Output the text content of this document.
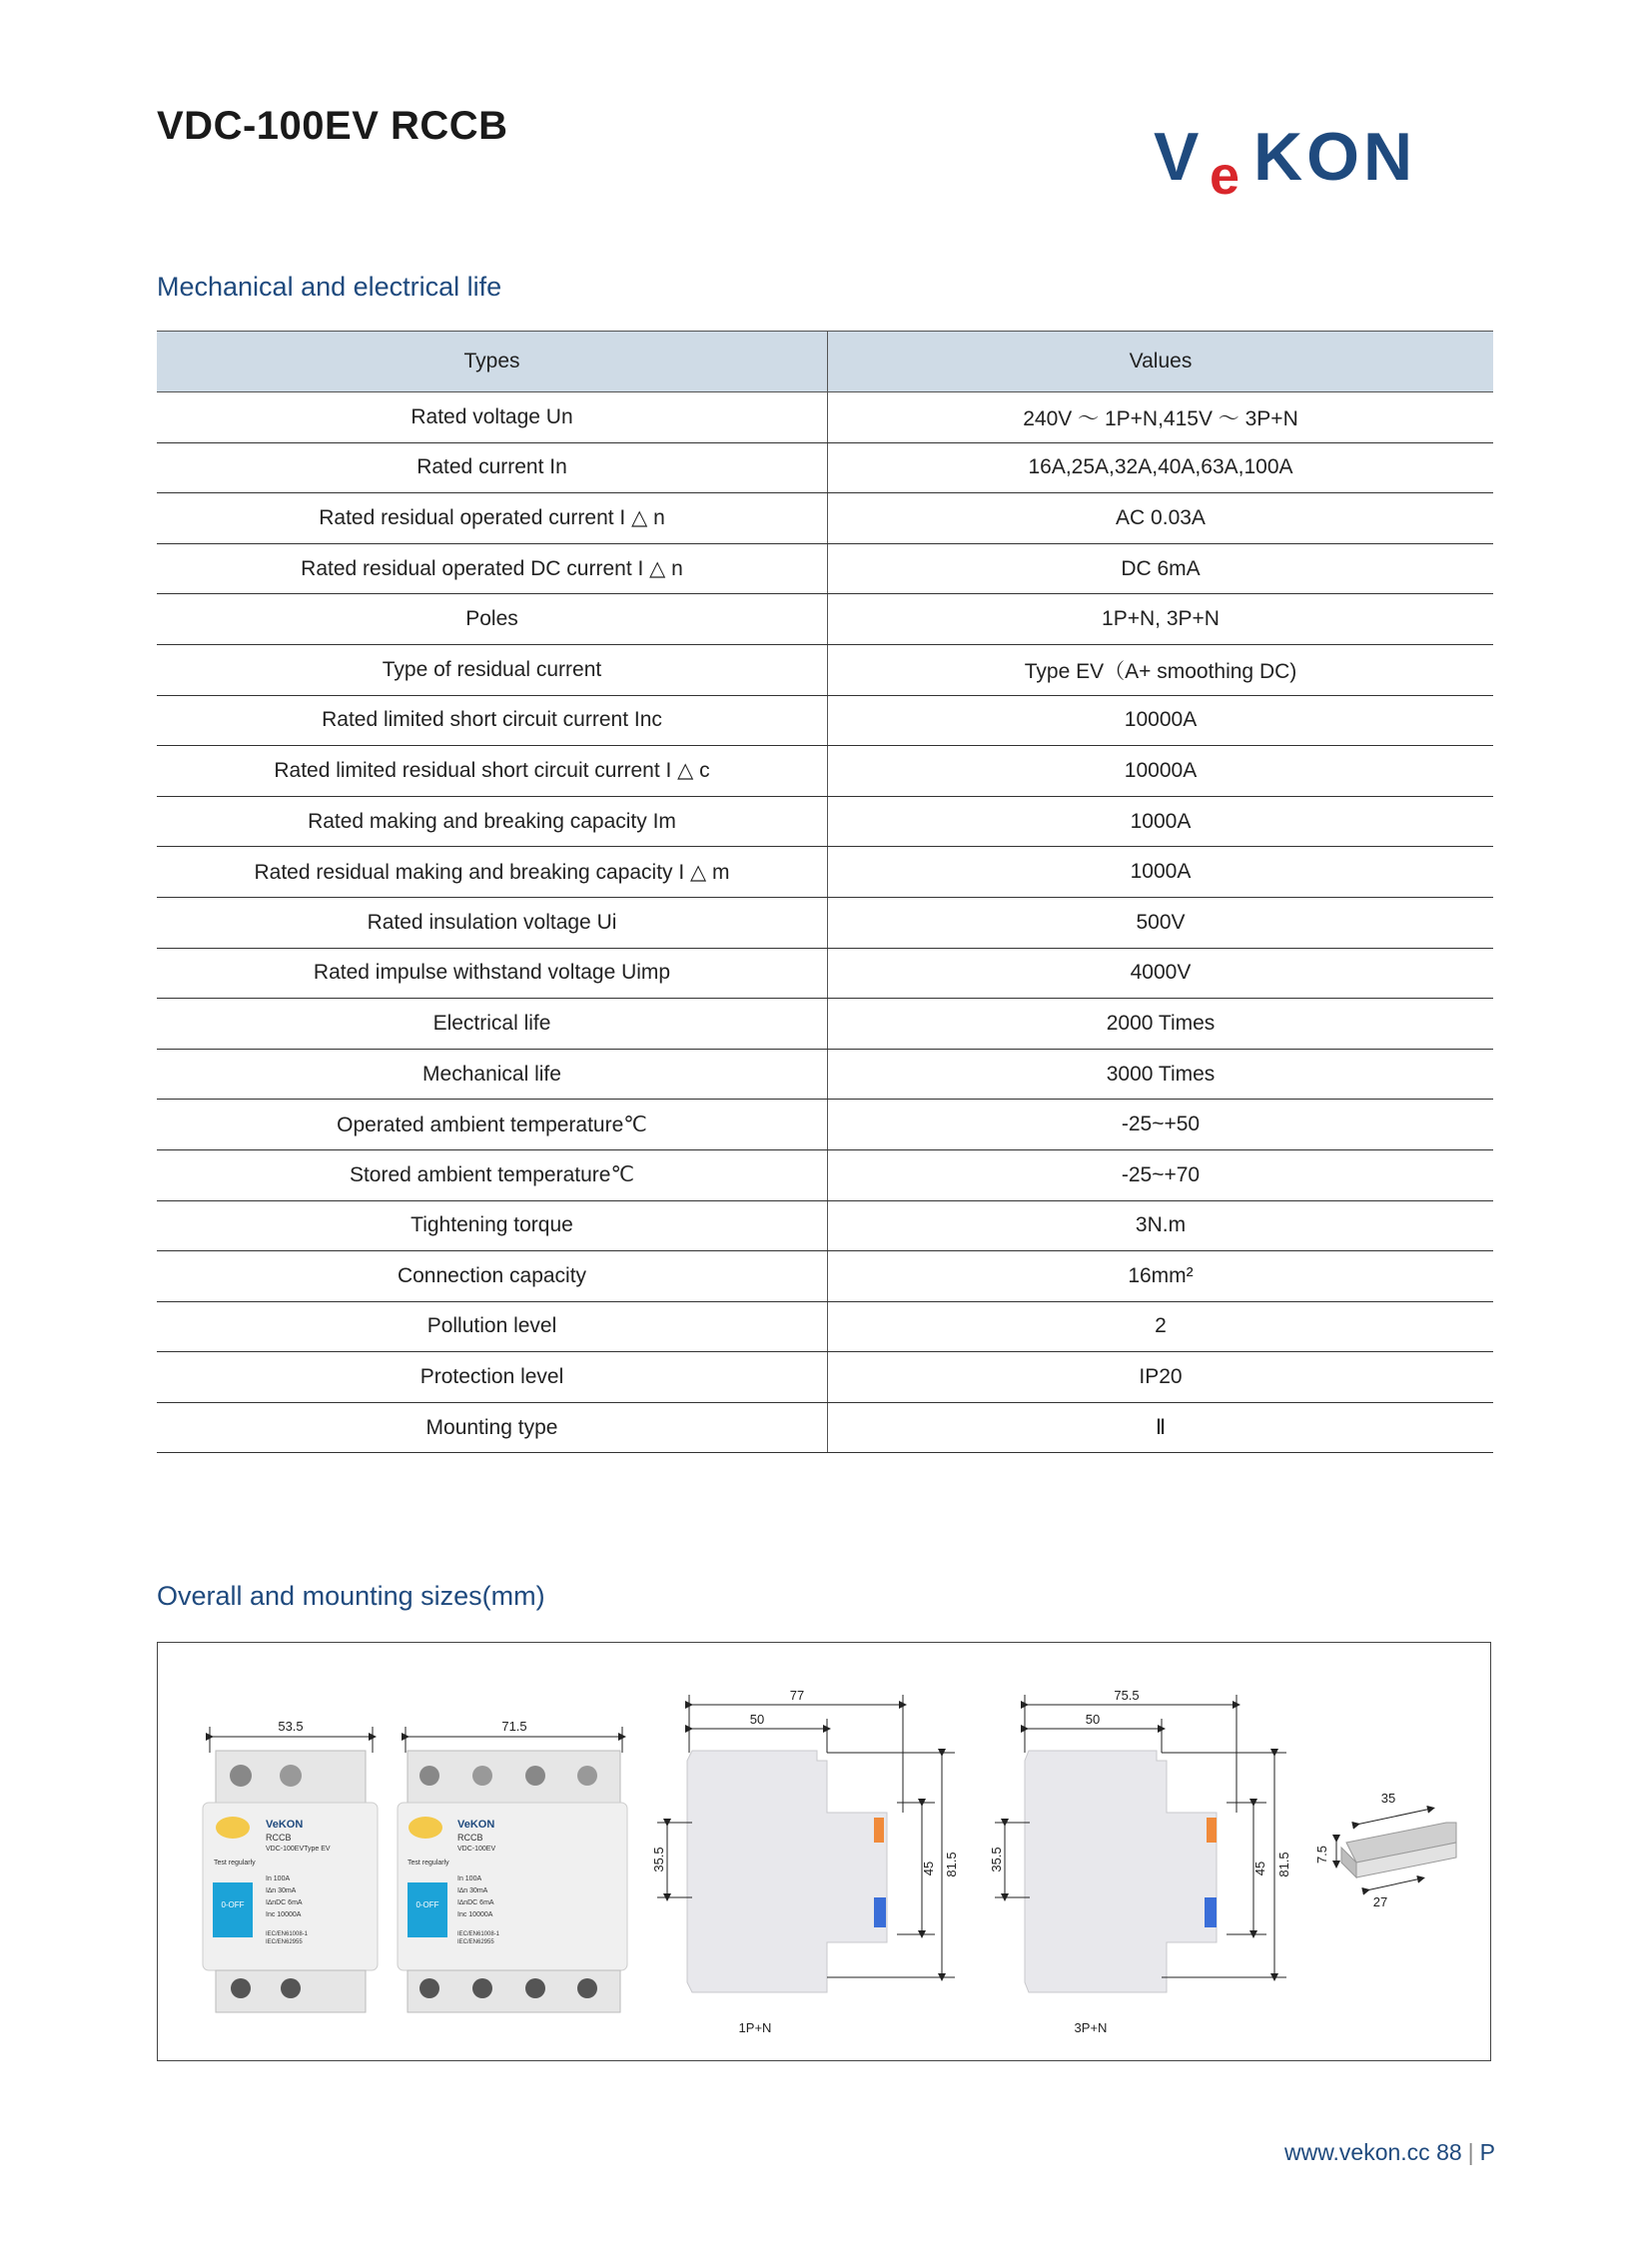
VDC-100EV RCCB	V e KON
Mechanical and electrical life
Types	Values
Rated voltage Un	240V ～ 1P+N,415V ～ 3P+N
Rated current In	16A,25A,32A,40A,63A,100A
Rated residual operated current I △ n	AC 0.03A
Rated residual operated DC current I △ n	DC 6mA
Poles	1P+N, 3P+N
Type of residual current	Type EV（A+ smoothing DC)
Rated limited short circuit current Inc	10000A
Rated limited residual short circuit current I △ c	10000A
Rated making and breaking capacity Im	1000A
Rated residual making and breaking capacity I △ m	1000A
Rated insulation voltage Ui	500V
Rated impulse withstand voltage Uimp	4000V
Electrical life	2000 Times
Mechanical life	3000 Times
Operated ambient temperature℃	-25~+50
Stored ambient temperature℃	-25~+70
Tightening torque	3N.m
Connection capacity	16mm²
Pollution level	2
Protection level	IP20
Mounting type	Ⅱ
Overall and mounting sizes(mm)
53.5
VeKON
RCCB
VDC-100EVType EV
Test regularly
0-OFF
In 100A
I∆n 30mA
I∆nDC 6mA
Inc 10000A
IEC/EN61008-1
IEC/EN62955
71.5
VeKON
RCCB
VDC-100EV
Test regularly
0-OFF
In 100A
I∆n 30mA
I∆nDC 6mA
Inc 10000A
IEC/EN61008-1
IEC/EN62955
77
50
35.5	45 81.5
1P+N
75.5
50
35.5	45 81.5
3P+N
35
7.5
27
www.vekon.cc 88 | P
